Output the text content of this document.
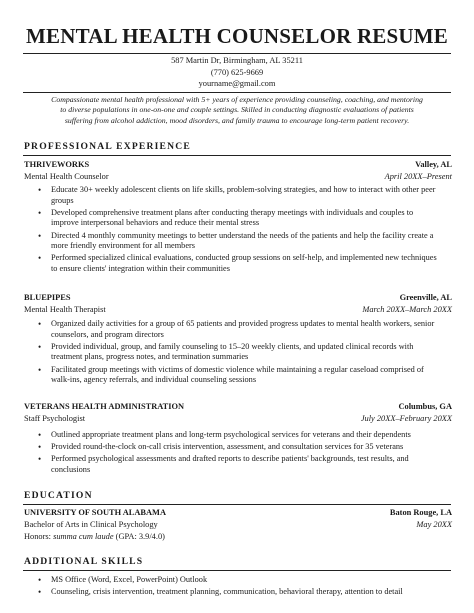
MENTAL HEALTH COUNSELOR RESUME
587 Martin Dr, Birmingham, AL 35211
(770) 625-9669
yourname@gmail.com
Compassionate mental health professional with 5+ years of experience providing counseling, coaching, and mentoring to diverse populations in one-on-one and couple settings. Skilled in conducting diagnostic evaluations of patients suffering from alcohol addiction, mood disorders, and family trauma to encourage long-term patient recovery.
PROFESSIONAL EXPERIENCE
THRIVEWORKS	Valley, AL
Mental Health Counselor	April 20XX–Present
• Educate 30+ weekly adolescent clients on life skills, problem-solving strategies, and how to interact with other peer groups
• Developed comprehensive treatment plans after conducting therapy meetings with individuals and couples to improve interpersonal behaviors and reduce their mental stress
• Directed 4 monthly community meetings to better understand the needs of the patients and help the facility create a more friendly environment for all members
• Performed specialized clinical evaluations, conducted group sessions on self-help, and implemented new techniques to ensure clients' integration within their communities
BLUEPIPES	Greenville, AL
Mental Health Therapist	March 20XX–March 20XX
• Organized daily activities for a group of 65 patients and provided progress updates to mental health workers, senior counselors, and program directors
• Provided individual, group, and family counseling to 15–20 weekly clients, and updated clinical records with treatment plans, progress notes, and termination summaries
• Facilitated group meetings with victims of domestic violence while maintaining a regular caseload comprised of walk-ins, agency referrals, and individual counseling sessions
VETERANS HEALTH ADMINISTRATION	Columbus, GA
Staff Psychologist	July 20XX–February 20XX
• Outlined appropriate treatment plans and long-term psychological services for veterans and their dependents
• Provided round-the-clock on-call crisis intervention, assessment, and consultation services for 35 veterans
• Performed psychological assessments and drafted reports to describe patients' backgrounds, test results, and conclusions
EDUCATION
UNIVERSITY OF SOUTH ALABAMA	Baton Rouge, LA
Bachelor of Arts in Clinical Psychology	May 20XX
Honors: summa cum laude (GPA: 3.9/4.0)
ADDITIONAL SKILLS
• MS Office (Word, Excel, PowerPoint) Outlook
• Counseling, crisis intervention, treatment planning, communication, behavioral therapy, attention to detail
